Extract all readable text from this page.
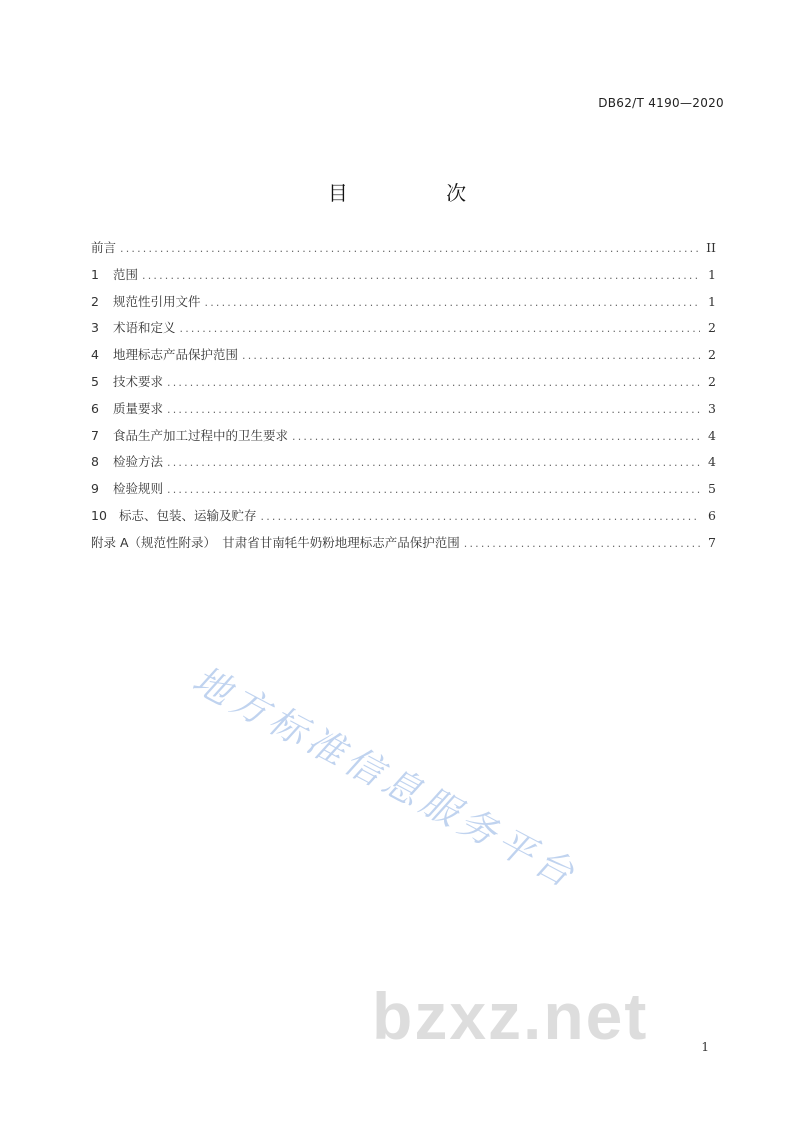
DB62/T 4190—2020
目 次
前言 .....	II
1	范围 .....	1
2	规范性引用文件 .....	1
3	术语和定义 .....	2
4	地理标志产品保护范围 .....	2
5	技术要求 .....	2
6	质量要求 .....	3
7	食品生产加工过程中的卫生要求 .....	4
8	检验方法 .....	4
9	检验规则 .....	5
10 标志、包装、运输及贮存 .....	6
附录 A（规范性附录）　甘肃省甘南牦牛奶粉地理标志产品保护范围 .....	7
地方标准信息服务平台
bzxz.net	1
